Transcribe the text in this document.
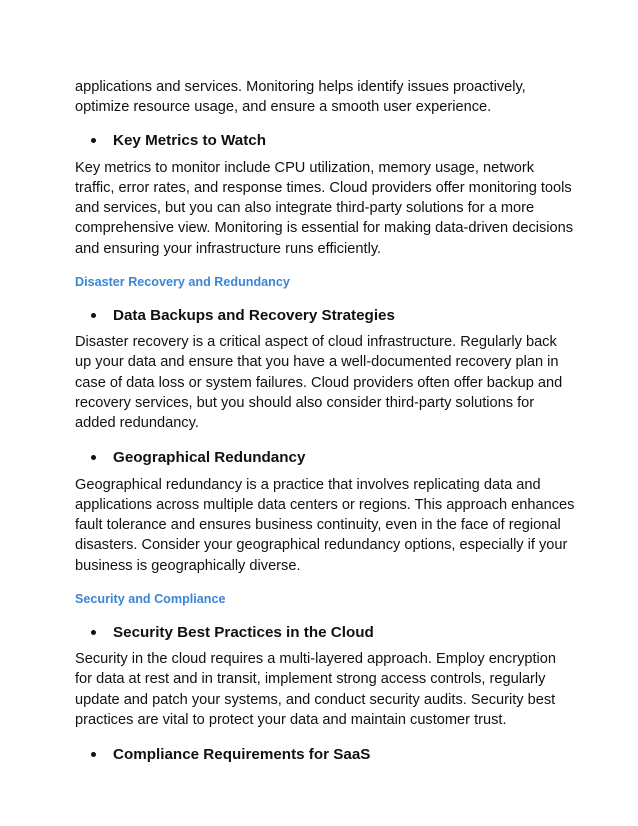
applications and services. Monitoring helps identify issues proactively, optimize resource usage, and ensure a smooth user experience.

Key Metrics to Watch

Key metrics to monitor include CPU utilization, memory usage, network traffic, error rates, and response times. Cloud providers offer monitoring tools and services, but you can also integrate third-party solutions for a more comprehensive view. Monitoring is essential for making data-driven decisions and ensuring your infrastructure runs efficiently.

Disaster Recovery and Redundancy
Data Backups and Recovery Strategies

Disaster recovery is a critical aspect of cloud infrastructure. Regularly back up your data and ensure that you have a well-documented recovery plan in case of data loss or system failures. Cloud providers often offer backup and recovery services, but you should also consider third-party solutions for added redundancy.

Geographical Redundancy

Geographical redundancy is a practice that involves replicating data and applications across multiple data centers or regions. This approach enhances fault tolerance and ensures business continuity, even in the face of regional disasters. Consider your geographical redundancy options, especially if your business is geographically diverse.

Security and Compliance
Security Best Practices in the Cloud

Security in the cloud requires a multi-layered approach. Employ encryption for data at rest and in transit, implement strong access controls, regularly update and patch your systems, and conduct security audits. Security best practices are vital to protect your data and maintain customer trust.

Compliance Requirements for SaaS
